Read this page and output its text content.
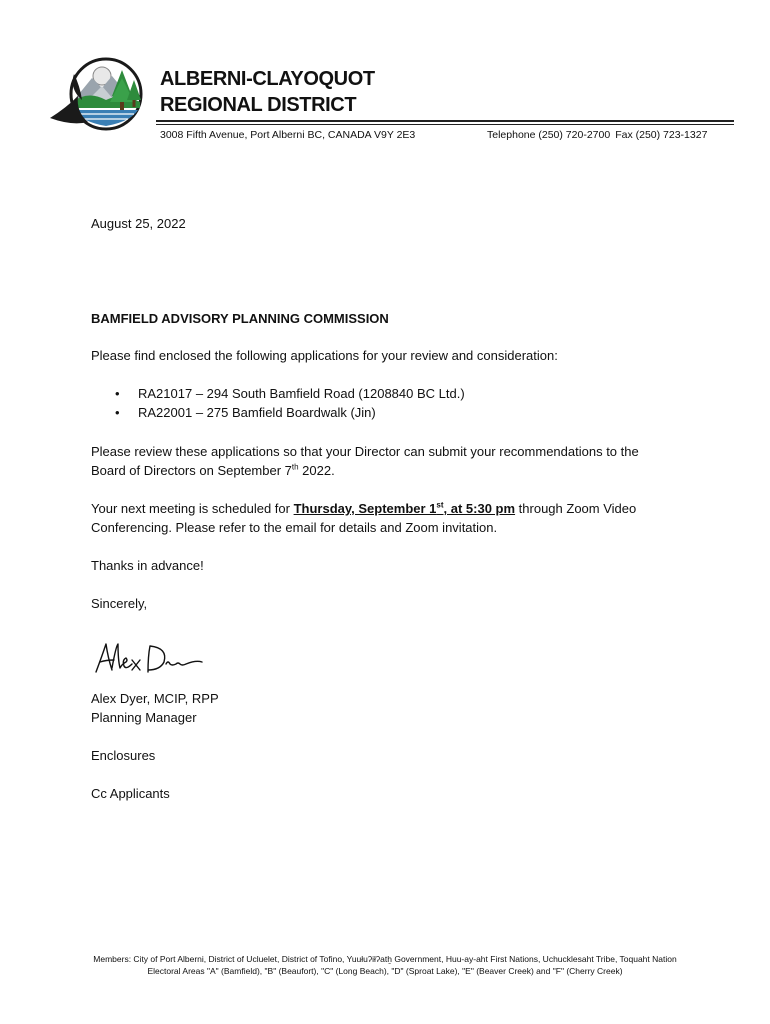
ALBERNI-CLAYOQUOT
REGIONAL DISTRICT
3008 Fifth Avenue, Port Alberni BC, CANADA V9Y 2E3	Telephone (250) 720-2700 Fax (250) 723-1327
August 25, 2022
BAMFIELD ADVISORY PLANNING COMMISSION
Please find enclosed the following applications for your review and consideration:
• RA21017 – 294 South Bamfield Road (1208840 BC Ltd.)
• RA22001 – 275 Bamfield Boardwalk (Jin)
Please review these applications so that your Director can submit your recommendations to the
Board of Directors on September 7th 2022.
Your next meeting is scheduled for Thursday, September 1st, at 5:30 pm through Zoom Video
Conferencing. Please refer to the email for details and Zoom invitation.
Thanks in advance!
Sincerely,
Alex Dyer, MCIP, RPP
Planning Manager
Enclosures
Cc Applicants
Members: City of Port Alberni, District of Ucluelet, District of Tofino, Yuułuʔiłʔatẖ Government, Huu-ay-aht First Nations, Uchucklesaht Tribe, Toquaht Nation
Electoral Areas "A" (Bamfield), "B" (Beaufort), "C" (Long Beach), "D" (Sproat Lake), "E" (Beaver Creek) and "F" (Cherry Creek)
